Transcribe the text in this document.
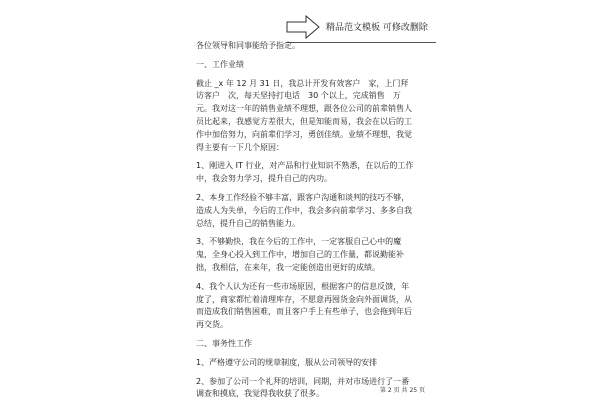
精品范文模板 可修改删除

各位领导和同事能给予指定。

一、工作业绩

截止 _x 年 12 月 31 日，我总计开发有效客户　家，上门拜访客户　次，每天坚持打电话　30 个以上，完成销售　万元。我对这一年的销售业绩不理想，跟各位公司的前辈销售人员比起来，我感觉方差很大，但是知能而易，我会在以后的工作中加倍努力，向前辈们学习，勇创佳绩。业绩不理想，我觉得主要有一下几个原因：

1、刚进入 IT 行业，对产品和行业知识不熟悉，在以后的工作中，我会努力学习，提升自己的内功。

2、本身工作经验不够丰富，跟客户沟通和谈判的技巧不够，造成人为失单，今后的工作中，我会多向前辈学习、多多自我总结，提升自己的销售能力。

3、不够勤快，我在今后的工作中，一定客服自己心中的魔鬼，全身心投入到工作中，增加自己的工作量，都说勤能补拙，我相信，在来年，我一定能创造出更好的成绩。

4、我个人认为还有一些市场原因，根据客户的信息反馈，年度了，商家都忙着清理库存，不愿意再囤货金向外面调货，从而造成我们销售困难，而且客户手上有些单子，也会拖到年后再交货。

二、事务性工作

1、严格遵守公司的规章制度，服从公司领导的安排

2、参加了公司一个礼拜的培训，同期，并对市场进行了一番调查和摸底，我觉得我收获了很多。	第 2 页 共 25 页
